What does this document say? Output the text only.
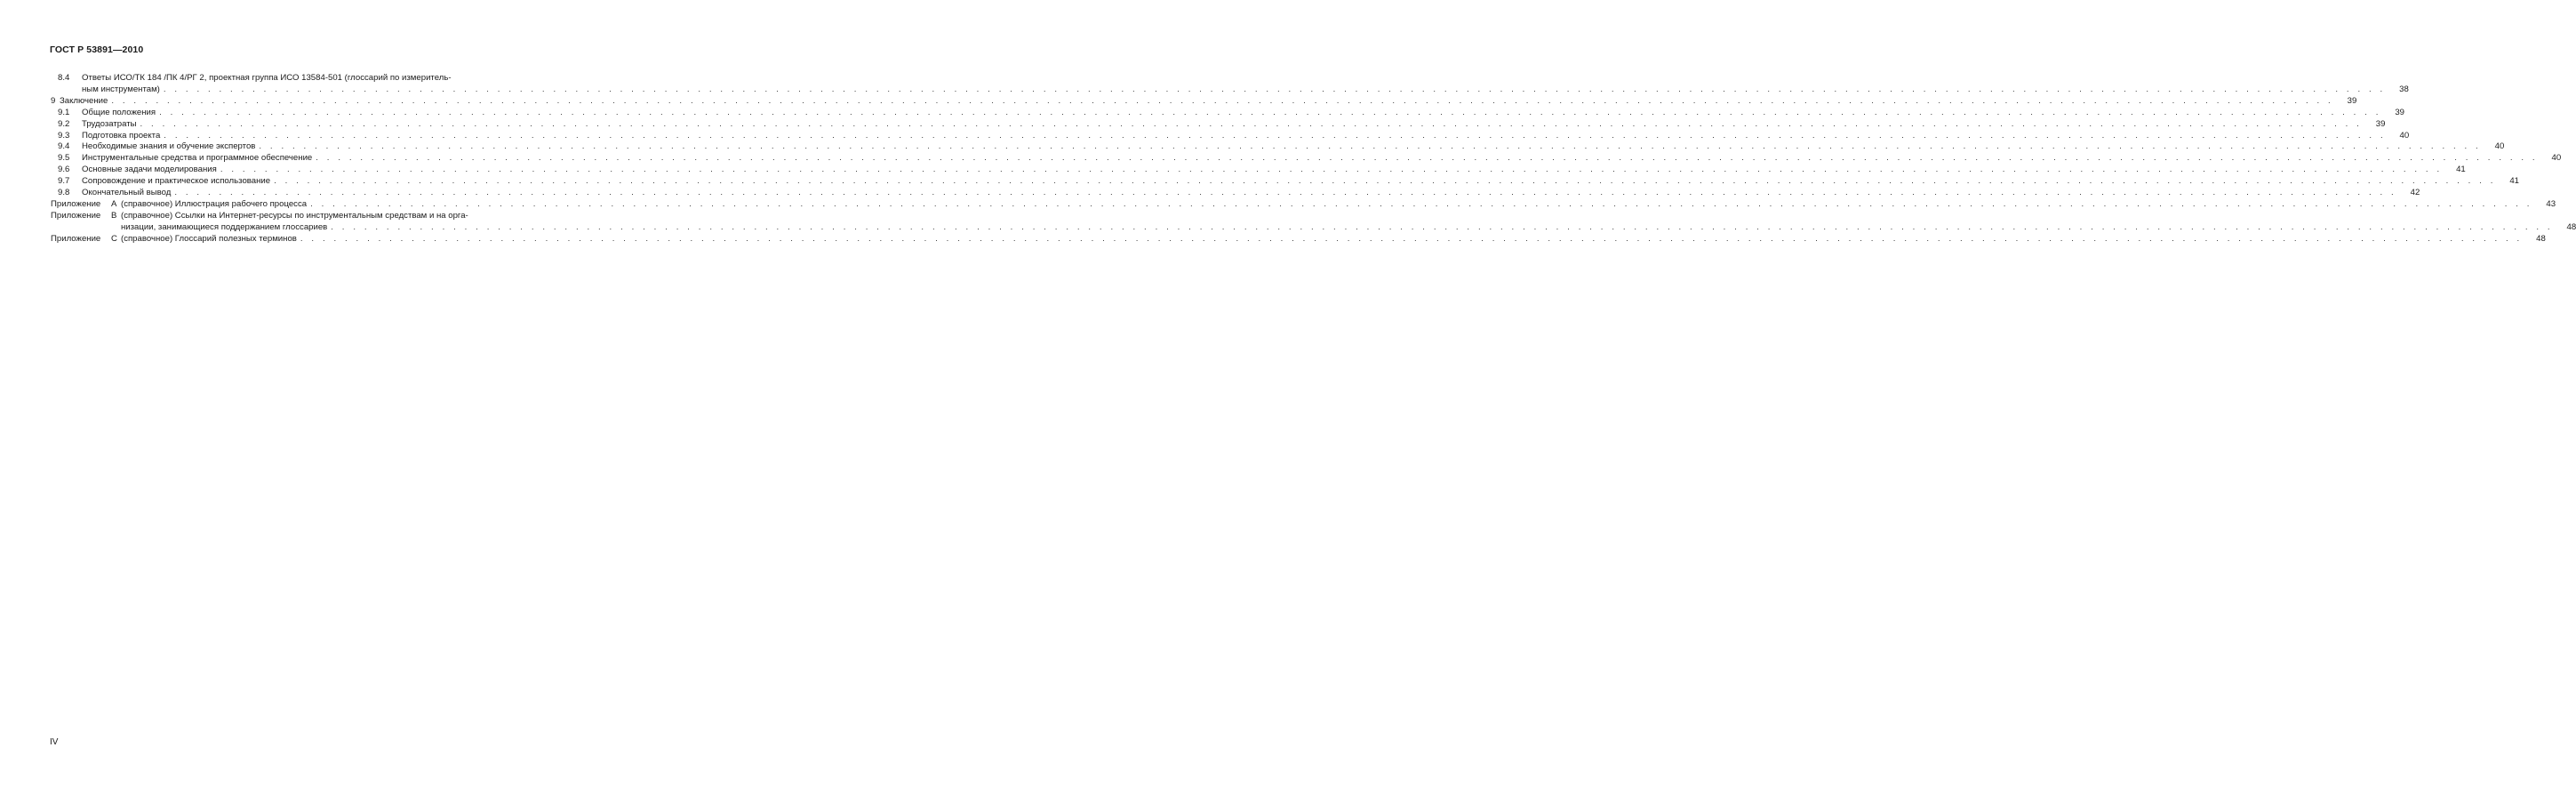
ГОСТ Р 53891—2010
8.4	Ответы ИСО/ТК 184 /ПК 4/РГ 2, проектная группа ИСО 13584-501 (глоссарий по измеритель-
ным инструментам) . . . . . . . . . . . . . . . . . . . . . . . . . . . . . . . . . . . . . . . . . . . . . . . . . . . . . . . . . . . . . . . . . . . . . . . . . . . . . . . . . . . . . . . . . . . . . . . . . . . . . . . . . . . . . . . . . . . . . . . . . . . . . . . . . . . . . . . . . . . . . . . . . . . . . . . . . . . . . . . . . . . . . . . . . . . . . . . . . . . . . . . . . . . . . . . . . . . . . . . .	38
9 Заключение . . . . . . . . . . . . . . . . . . . . . . . . . . . . . . . . . . . . . . . . . . . . . . . . . . . . . . . . . . . . . . . . . . . . . . . . . . . . . . . . . . . . . . . . . . . . . . . . . . . . . . . . . . . . . . . . . . . . . . . . . . . . . . . . . . . . . . . . . . . . . . . . . . . . . . . . . . . . . . . . . . . . . . . . . . . . . . . . . . . . . . . . . . . . . . . . . . . . . . . .	39
9.1	Общие положения . . . . . . . . . . . . . . . . . . . . . . . . . . . . . . . . . . . . . . . . . . . . . . . . . . . . . . . . . . . . . . . . . . . . . . . . . . . . . . . . . . . . . . . . . . . . . . . . . . . . . . . . . . . . . . . . . . . . . . . . . . . . . . . . . . . . . . . . . . . . . . . . . . . . . . . . . . . . . . . . . . . . . . . . . . . . . . . . . . . . . . . . . . . . . . . . . . . . . . . .	39
9.2	Трудозатраты . . . . . . . . . . . . . . . . . . . . . . . . . . . . . . . . . . . . . . . . . . . . . . . . . . . . . . . . . . . . . . . . . . . . . . . . . . . . . . . . . . . . . . . . . . . . . . . . . . . . . . . . . . . . . . . . . . . . . . . . . . . . . . . . . . . . . . . . . . . . . . . . . . . . . . . . . . . . . . . . . . . . . . . . . . . . . . . . . . . . . . . . . . . . . . . . . . . . . . . .	39
9.3	Подготовка проекта . . . . . . . . . . . . . . . . . . . . . . . . . . . . . . . . . . . . . . . . . . . . . . . . . . . . . . . . . . . . . . . . . . . . . . . . . . . . . . . . . . . . . . . . . . . . . . . . . . . . . . . . . . . . . . . . . . . . . . . . . . . . . . . . . . . . . . . . . . . . . . . . . . . . . . . . . . . . . . . . . . . . . . . . . . . . . . . . . . . . . . . . . . . . . . . . . . . . . . . .	40
9.4	Необходимые знания и обучение экспертов . . . . . . . . . . . . . . . . . . . . . . . . . . . . . . . . . . . . . . . . . . . . . . . . . . . . . . . . . . . . . . . . . . . . . . . . . . . . . . . . . . . . . . . . . . . . . . . . . . . . . . . . . . . . . . . . . . . . . . . . . . . . . . . . . . . . . . . . . . . . . . . . . . . . . . . . . . . . . . . . . . . . . . . . . . . . . . . . . . . . . . . . . . . . . . . . . . . . . . . .	40
9.5	Инструментальные средства и программное обеспечение . . . . . . . . . . . . . . . . . . . . . . . . . . . . . . . . . . . . . . . . . . . . . . . . . . . . . . . . . . . . . . . . . . . . . . . . . . . . . . . . . . . . . . . . . . . . . . . . . . . . . . . . . . . . . . . . . . . . . . . . . . . . . . . . . . . . . . . . . . . . . . . . . . . . . . . . . . . . . . . . . . . . . . . . . . . . . . . . . . . . . . . . . . . . . . . . . . . . . . . .	40
9.6	Основные задачи моделирования . . . . . . . . . . . . . . . . . . . . . . . . . . . . . . . . . . . . . . . . . . . . . . . . . . . . . . . . . . . . . . . . . . . . . . . . . . . . . . . . . . . . . . . . . . . . . . . . . . . . . . . . . . . . . . . . . . . . . . . . . . . . . . . . . . . . . . . . . . . . . . . . . . . . . . . . . . . . . . . . . . . . . . . . . . . . . . . . . . . . . . . . . . . . . . . . . . . . . . . .	41
9.7	Сопровождение и практическое использование . . . . . . . . . . . . . . . . . . . . . . . . . . . . . . . . . . . . . . . . . . . . . . . . . . . . . . . . . . . . . . . . . . . . . . . . . . . . . . . . . . . . . . . . . . . . . . . . . . . . . . . . . . . . . . . . . . . . . . . . . . . . . . . . . . . . . . . . . . . . . . . . . . . . . . . . . . . . . . . . . . . . . . . . . . . . . . . . . . . . . . . . . . . . . . . . . . . . . . . .	41
9.8	Окончательный вывод . . . . . . . . . . . . . . . . . . . . . . . . . . . . . . . . . . . . . . . . . . . . . . . . . . . . . . . . . . . . . . . . . . . . . . . . . . . . . . . . . . . . . . . . . . . . . . . . . . . . . . . . . . . . . . . . . . . . . . . . . . . . . . . . . . . . . . . . . . . . . . . . . . . . . . . . . . . . . . . . . . . . . . . . . . . . . . . . . . . . . . . . . . . . . . . . . . . . . . . .	42
Приложение	А (справочное) Иллюстрация рабочего процесса . . . . . . . . . . . . . . . . . . . . . . . . . . . . . . . . . . . . . . . . . . . . . . . . . . . . . . . . . . . . . . . . . . . . . . . . . . . . . . . . . . . . . . . . . . . . . . . . . . . . . . . . . . . . . . . . . . . . . . . . . . . . . . . . . . . . . . . . . . . . . . . . . . . . . . . . . . . . . . . . . . . . . . . . . . . . . . . . . . . . . . . . . . . . . . . . . . . . . . . .	43
Приложение	В (справочное) Ссылки на Интернет-ресурсы по инструментальным средствам и на орга-
низации, занимающиеся поддержанием глоссариев . . . . . . . . . . . . . . . . . . . . . . . . . . . . . . . . . . . . . . . . . . . . . . . . . . . . . . . . . . . . . . . . . . . . . . . . . . . . . . . . . . . . . . . . . . . . . . . . . . . . . . . . . . . . . . . . . . . . . . . . . . . . . . . . . . . . . . . . . . . . . . . . . . . . . . . . . . . . . . . . . . . . . . . . . . . . . . . . . . . . . . . . . . . . . . . . . . . . . . . .	48
Приложение	С (справочное) Глоссарий полезных терминов . . . . . . . . . . . . . . . . . . . . . . . . . . . . . . . . . . . . . . . . . . . . . . . . . . . . . . . . . . . . . . . . . . . . . . . . . . . . . . . . . . . . . . . . . . . . . . . . . . . . . . . . . . . . . . . . . . . . . . . . . . . . . . . . . . . . . . . . . . . . . . . . . . . . . . . . . . . . . . . . . . . . . . . . . . . . . . . . . . . . . . . . . . . . . . . . . . . . . . . .	48
IV
